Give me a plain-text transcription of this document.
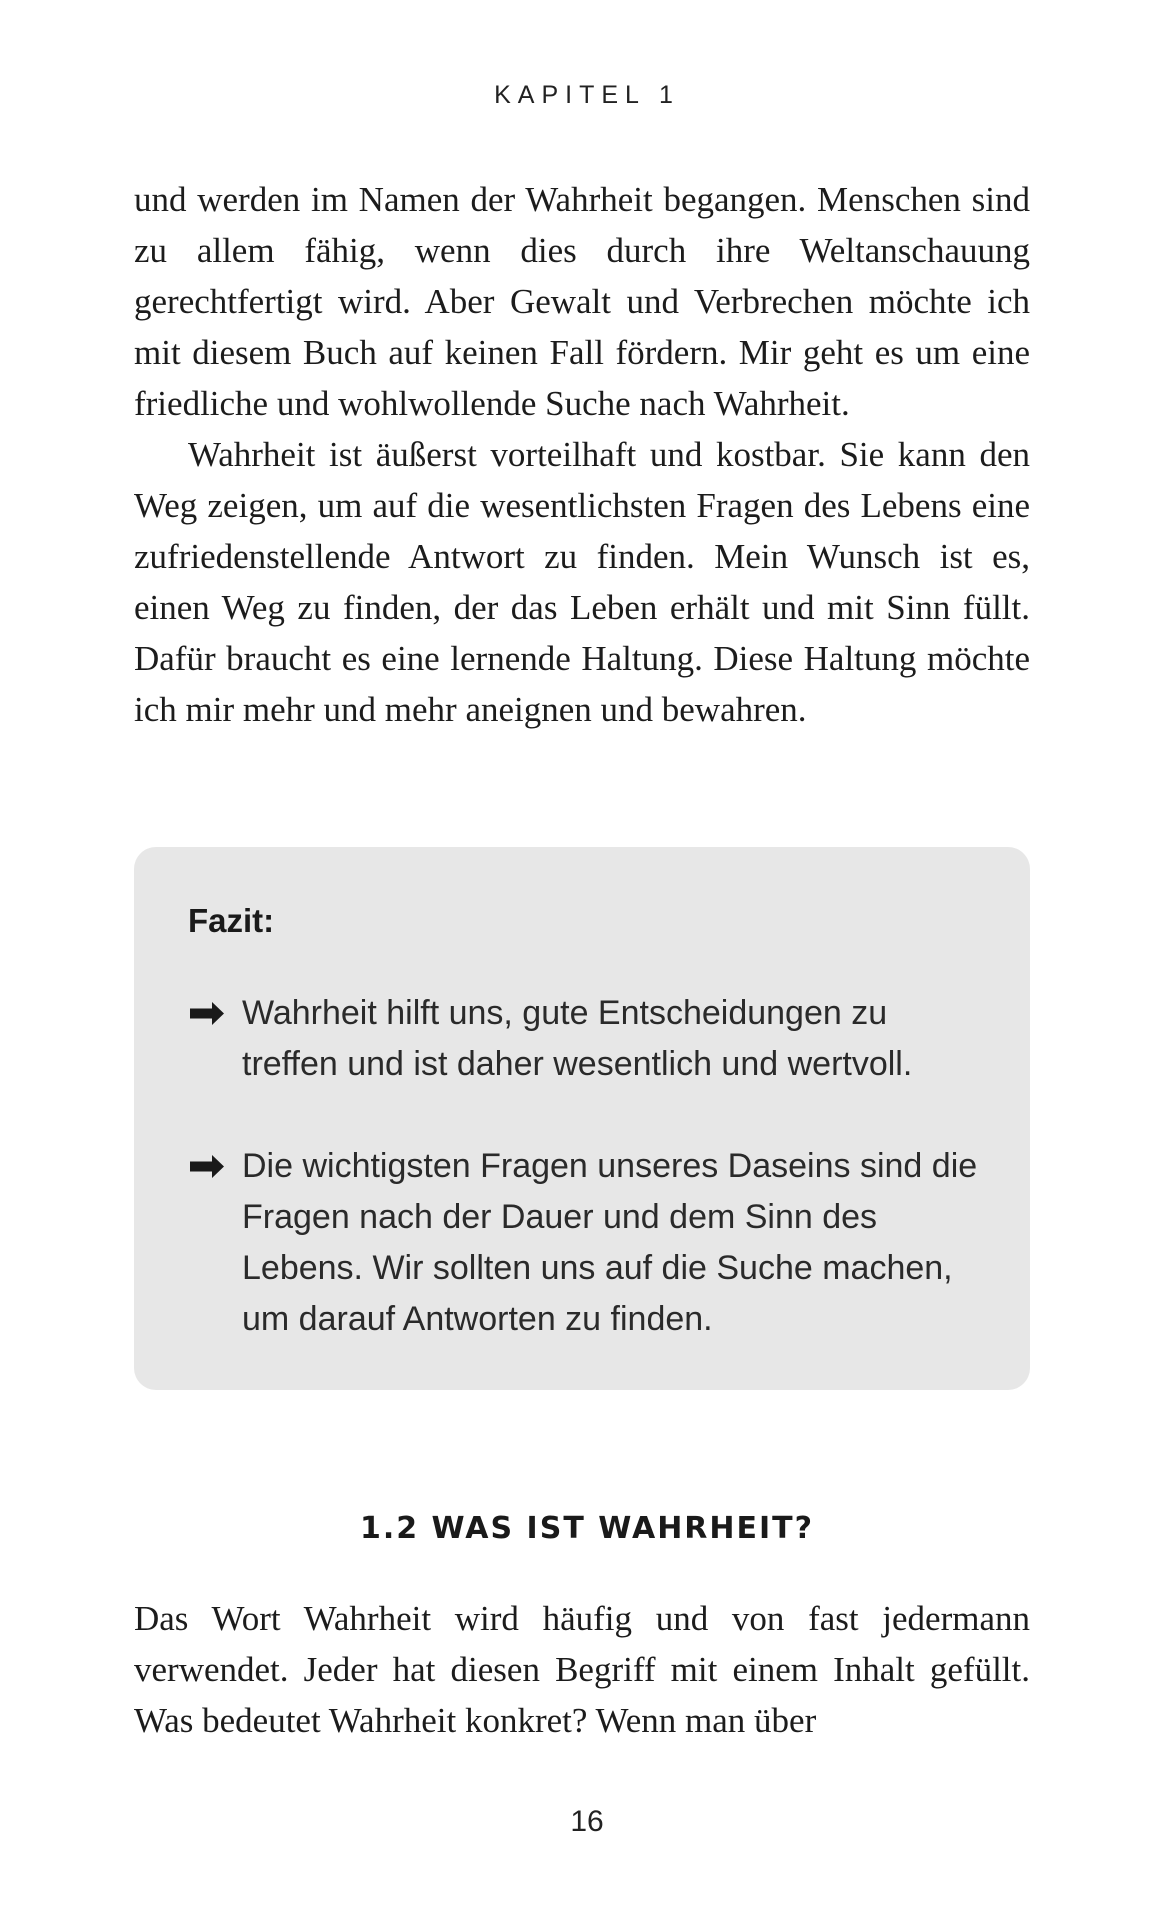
KAPITEL 1

und werden im Namen der Wahrheit begangen. Menschen sind zu allem fähig, wenn dies durch ihre Weltanschauung gerechtfertigt wird. Aber Gewalt und Verbrechen möchte ich mit diesem Buch auf keinen Fall fördern. Mir geht es um eine friedliche und wohlwollende Suche nach Wahrheit.

Wahrheit ist äußerst vorteilhaft und kostbar. Sie kann den Weg zeigen, um auf die wesentlichsten Fragen des Lebens eine zufriedenstellende Antwort zu finden. Mein Wunsch ist es, einen Weg zu finden, der das Leben erhält und mit Sinn füllt. Dafür braucht es eine lernende Haltung. Diese Haltung möchte ich mir mehr und mehr aneignen und bewahren.

Fazit:
Wahrheit hilft uns, gute Entscheidungen zu treffen und ist daher wesentlich und wertvoll.
Die wichtigsten Fragen unseres Daseins sind die Fragen nach der Dauer und dem Sinn des Lebens. Wir sollten uns auf die Suche machen, um darauf Antworten zu finden.
1.2 WAS IST WAHRHEIT?

Das Wort Wahrheit wird häufig und von fast jedermann verwendet. Jeder hat diesen Begriff mit einem Inhalt gefüllt. Was bedeutet Wahrheit konkret? Wenn man über

16
